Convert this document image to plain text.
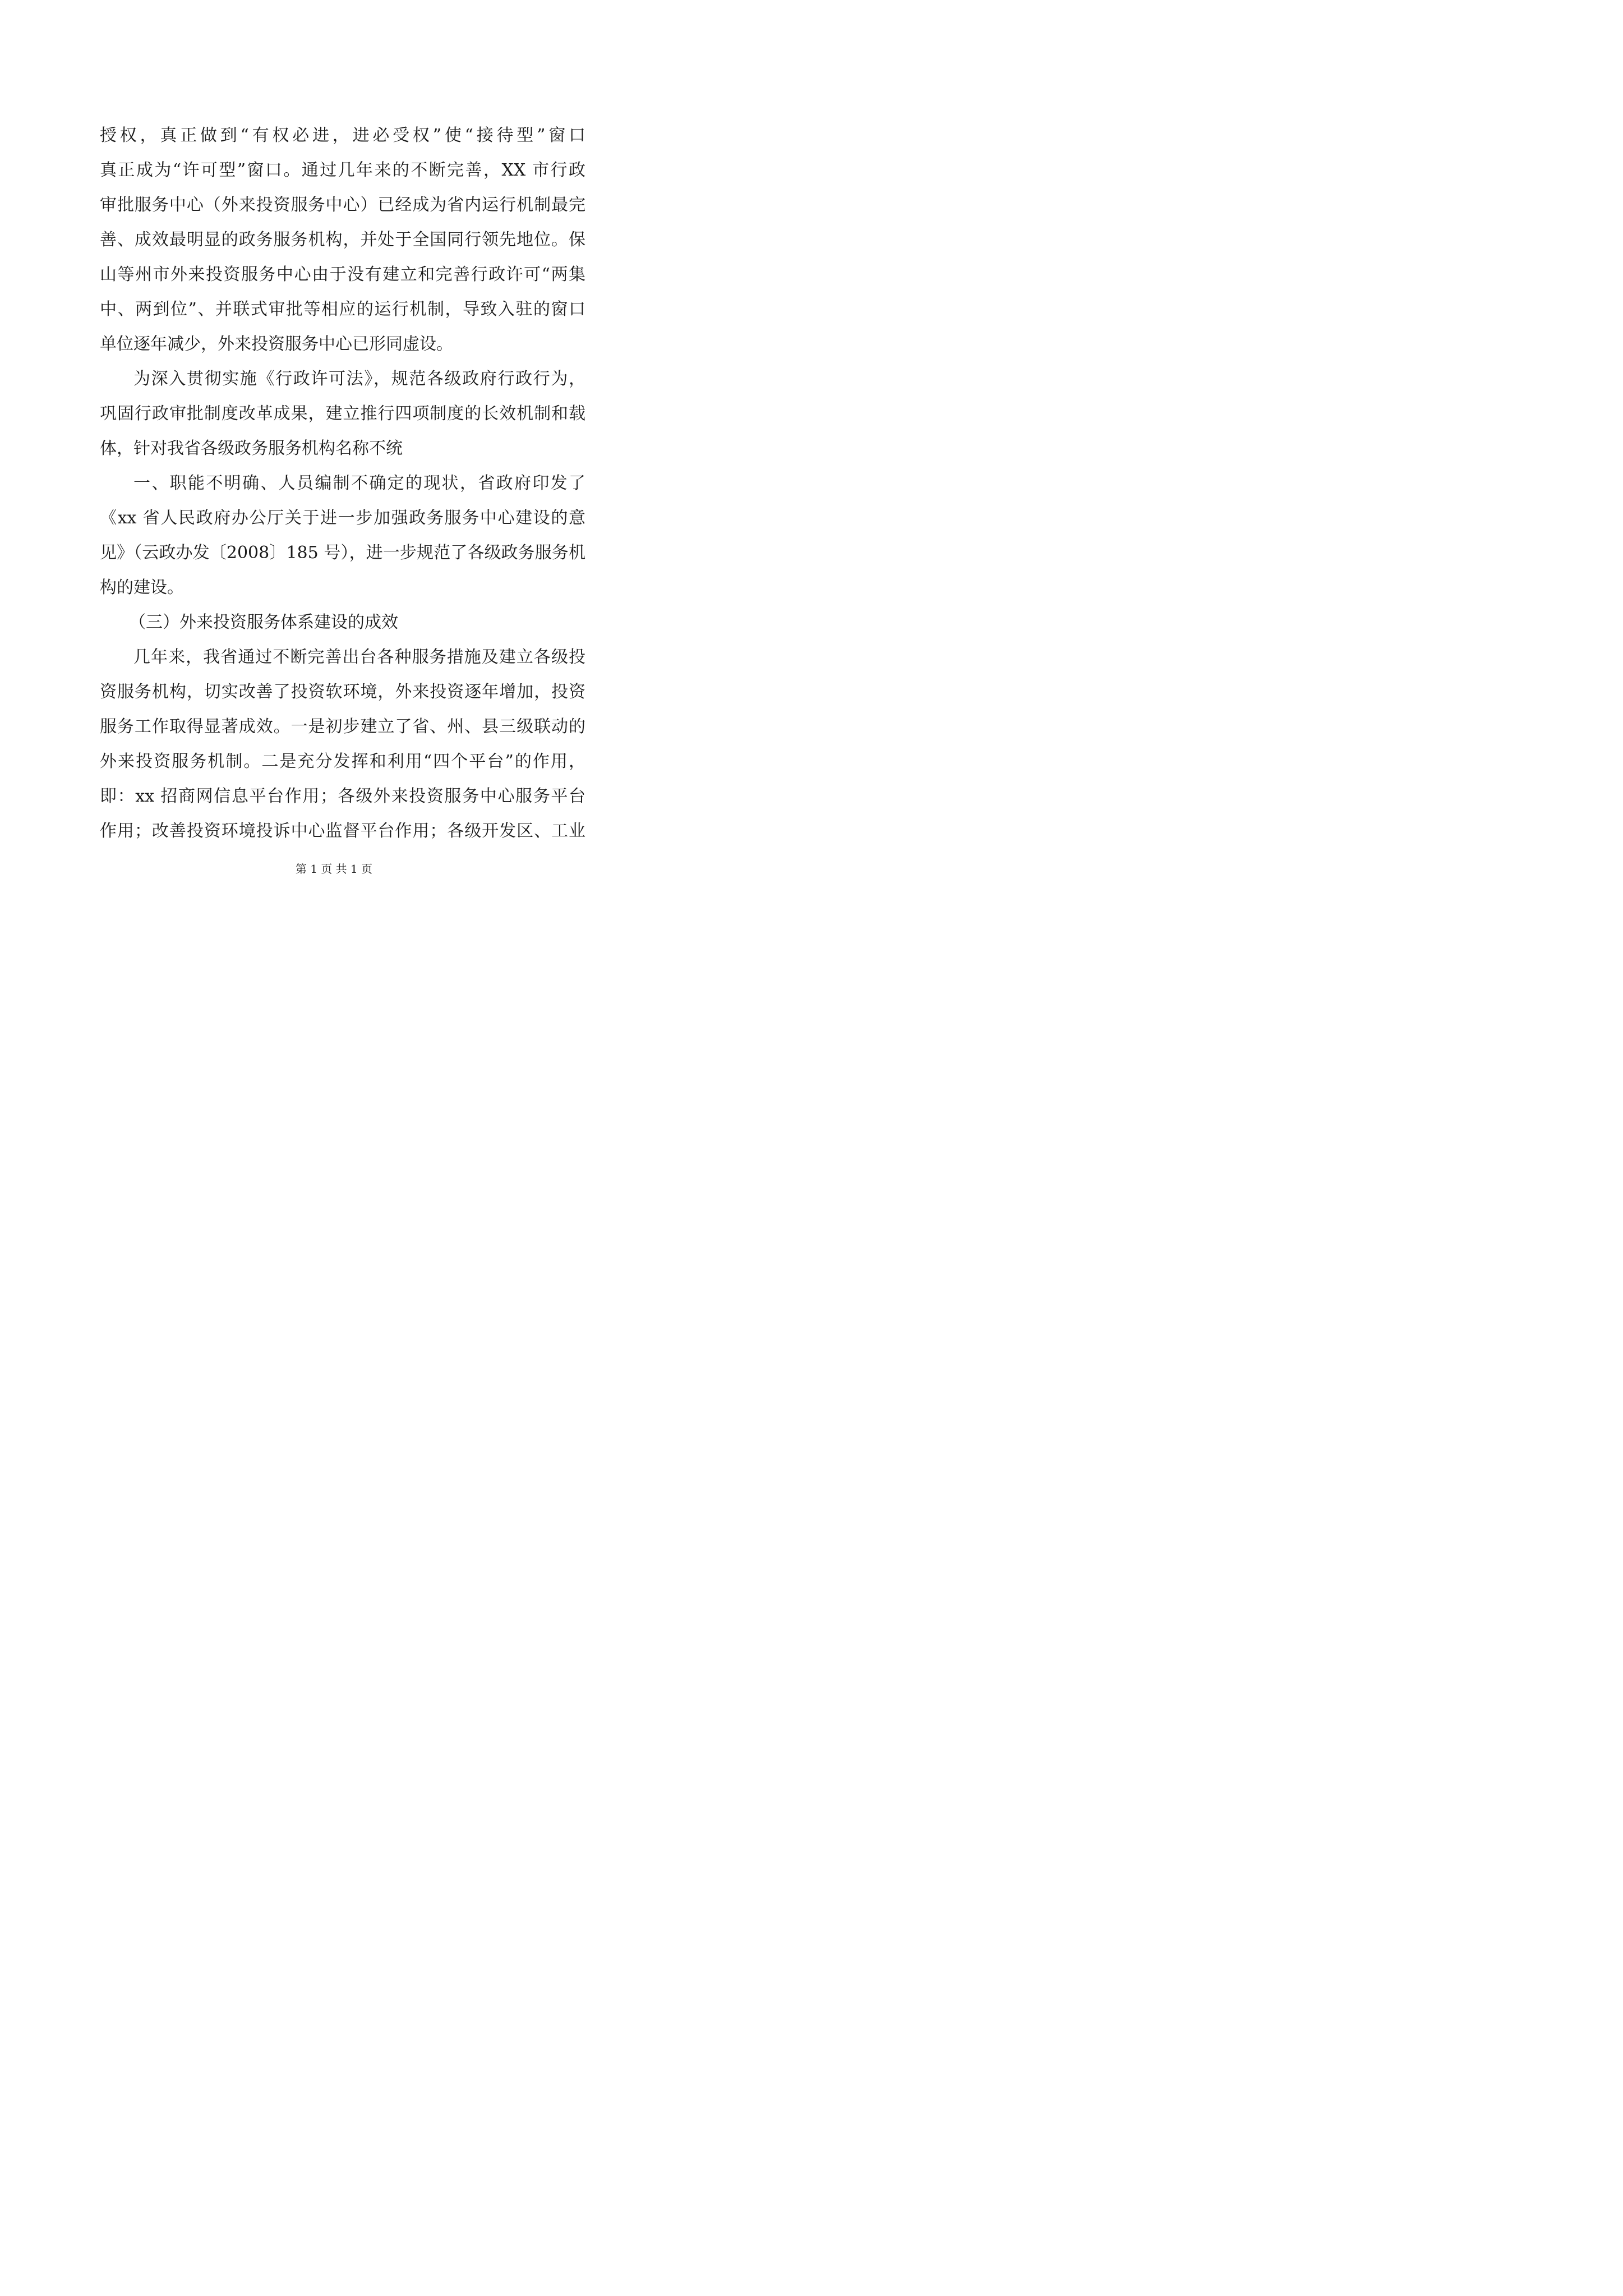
授权，真正做到“有权必进，进必受权”使“接待型”窗口
真正成为“许可型”窗口。通过几年来的不断完善，XX 市行政
审批服务中心（外来投资服务中心）已经成为省内运行机制最完
善、成效最明显的政务服务机构，并处于全国同行领先地位。保
山等州市外来投资服务中心由于没有建立和完善行政许可“两集
中、两到位”、并联式审批等相应的运行机制，导致入驻的窗口
单位逐年减少，外来投资服务中心已形同虚设。
为深入贯彻实施《行政许可法》，规范各级政府行政行为，
巩固行政审批制度改革成果，建立推行四项制度的长效机制和载
体，针对我省各级政务服务机构名称不统
一、职能不明确、人员编制不确定的现状，省政府印发了
《xx 省人民政府办公厅关于进一步加强政务服务中心建设的意
见》（云政办发〔2008〕185 号），进一步规范了各级政务服务机
构的建设。
（三）外来投资服务体系建设的成效
几年来，我省通过不断完善出台各种服务措施及建立各级投
资服务机构，切实改善了投资软环境，外来投资逐年增加，投资
服务工作取得显著成效。一是初步建立了省、州、县三级联动的
外来投资服务机制。二是充分发挥和利用“四个平台”的作用，
即：xx 招商网信息平台作用；各级外来投资服务中心服务平台
作用；改善投资环境投诉中心监督平台作用；各级开发区、工业
第 1 页 共 1 页
